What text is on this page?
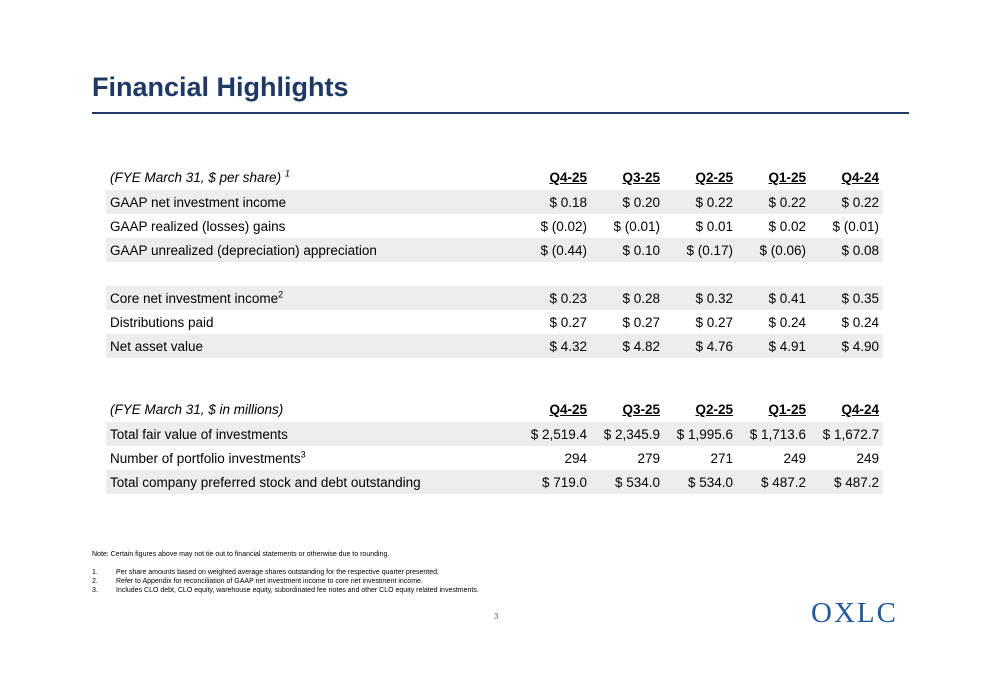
Financial Highlights
(FYE March 31, $ per share) $^1$	Q4-25	Q3-25	Q2-25	Q1-25	Q4-24
GAAP net investment income	$ 0.18	$ 0.20	$ 0.22	$ 0.22	$ 0.22
GAAP realized (losses) gains	$ (0.02)	$ (0.01)	$ 0.01	$ 0.02	$ (0.01)
GAAP unrealized (depreciation) appreciation	$ (0.44)	$ 0.10	$ (0.17)	$ (0.06)	$ 0.08

Core net investment income$^2$	$ 0.23	$ 0.28	$ 0.32	$ 0.41	$ 0.35
Distributions paid	$ 0.27	$ 0.27	$ 0.27	$ 0.24	$ 0.24
Net asset value	$ 4.32	$ 4.82	$ 4.76	$ 4.91	$ 4.90
(FYE March 31, $ in millions)	Q4-25	Q3-25	Q2-25	Q1-25	Q4-24
Total fair value of investments	$ 2,519.4	$ 2,345.9	$ 1,995.6	$ 1,713.6	$ 1,672.7
Number of portfolio investments$^3$	294	279	271	249	249
Total company preferred stock and debt outstanding	$ 719.0	$ 534.0	$ 534.0	$ 487.2	$ 487.2
Note: Certain figures above may not tie out to financial statements or otherwise due to rounding.
1.	Per share amounts based on weighted average shares outstanding for the respective quarter presented.
2.	Refer to Appendix for reconciliation of GAAP net investment income to core net investment income.
3.	Includes CLO debt, CLO equity, warehouse equity, subordinated fee notes and other CLO equity related investments.
3	OXLC
